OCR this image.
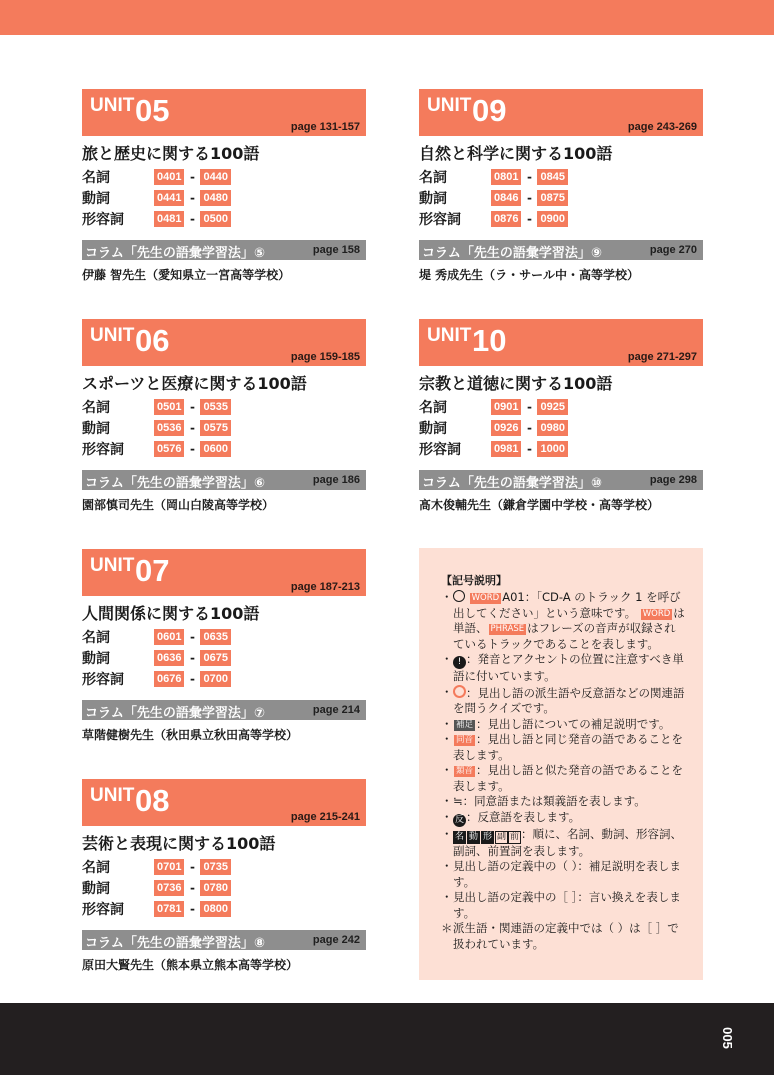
UNIT 05	page 131-157
旅と歴史に関する100語
名詞	0401 - 0440
動詞	0441 - 0480
形容詞	0481 - 0500
コラム「先生の語彙学習法」⑤	page 158
伊藤 智先生（愛知県立一宮高等学校）
UNIT 06	page 159-185
スポーツと医療に関する100語
名詞	0501 - 0535
動詞	0536 - 0575
形容詞	0576 - 0600
コラム「先生の語彙学習法」⑥	page 186
園部慎司先生（岡山白陵高等学校）
UNIT 07	page 187-213
人間関係に関する100語
名詞	0601 - 0635
動詞	0636 - 0675
形容詞	0676 - 0700
コラム「先生の語彙学習法」⑦	page 214
草階健樹先生（秋田県立秋田高等学校）
UNIT 08	page 215-241
芸術と表現に関する100語
名詞	0701 - 0735
動詞	0736 - 0780
形容詞	0781 - 0800
コラム「先生の語彙学習法」⑧	page 242
原田大賢先生（熊本県立熊本高等学校）
UNIT 09	page 243-269
自然と科学に関する100語
名詞	0801 - 0845
動詞	0846 - 0875
形容詞	0876 - 0900
コラム「先生の語彙学習法」⑨	page 270
堤 秀成先生（ラ・サール中・高等学校）
UNIT 10	page 271-297
宗教と道徳に関する100語
名詞	0901 - 0925
動詞	0926 - 0980
形容詞	0981 - 1000
コラム「先生の語彙学習法」⑩	page 298
髙木俊輔先生（鎌倉学園中学校・高等学校）
【記号説明】
・	WORD A01：「CD-A のトラック 1 を呼び出してください」という意味です。 WORD は単語、 PHRASE はフレーズの音声が収録されているトラックであることを表します。
・ ! ：発音とアクセントの位置に注意すべき単語に付いています。
・	：見出し語の派生語や反意語などの関連語を問うクイズです。
・ 補足 ：見出し語についての補足説明です。
・ 同音 ：見出し語と同じ発音の語であることを表します。
・ 類音 ：見出し語と似た発音の語であることを表します。
・ ≒：同意語または類義語を表します。
・ 反 ：反意語を表します。
・ 名 動 形 副 前 ：順に、名詞、動詞、形容詞、副詞、前置詞を表します。
・ 見出し語の定義中の（ ）：補足説明を表します。
・ 見出し語の定義中の［ ］：言い換えを表します。
＊ 派生語・関連語の定義中では（ ）は［ ］で扱われています。
005
